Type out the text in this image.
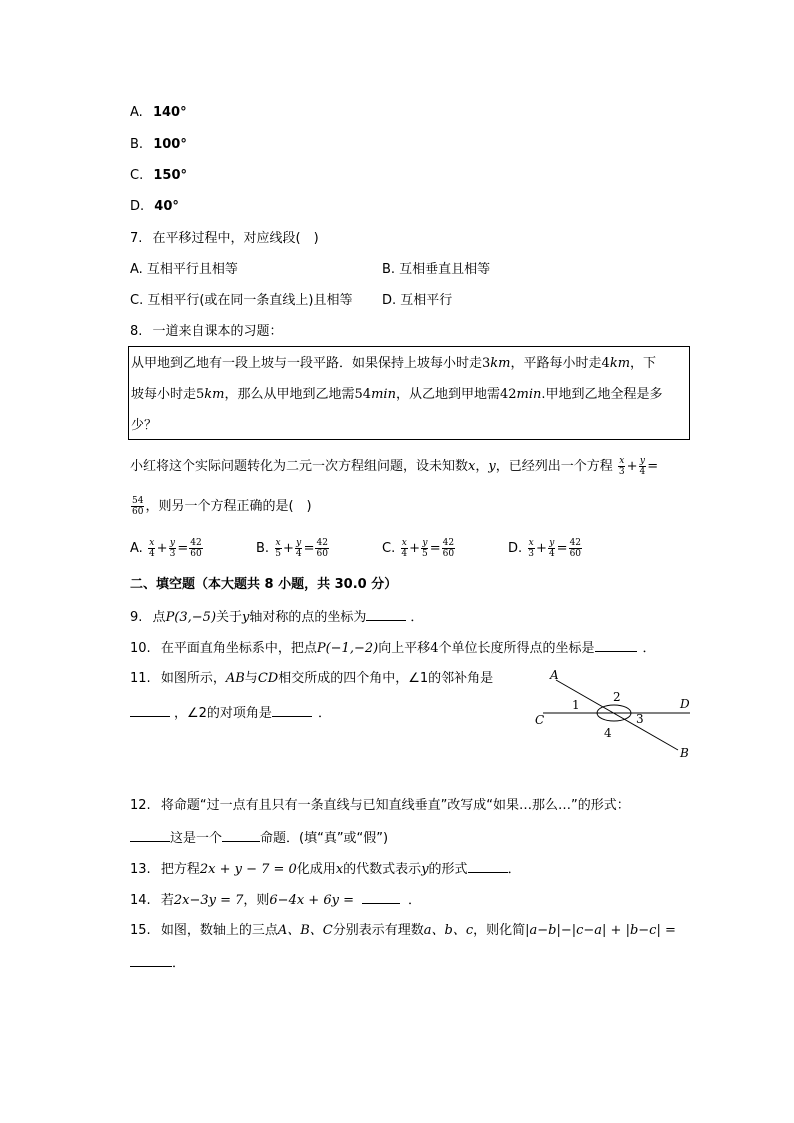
A. 140°
B. 100°
C. 150°
D. 40°
7. 在平移过程中，对应线段(　)
A. 互相平行且相等	B. 互相垂直且相等
C. 互相平行(或在同一条直线上)且相等 D. 互相平行
8. 一道来自课本的习题：
从甲地到乙地有一段上坡与一段平路．如果保持上坡每小时走3km，平路每小时走4km，下
坡每小时走5km，那么从甲地到乙地需54min，从乙地到甲地需42min.甲地到乙地全程是多
少？
小红将这个实际问题转化为二元一次方程组问题，设未知数x，y，已经列出一个方程 $\frac{x}{3} + \frac{y}{4}$ =
$\frac{54}{60}$ ，则另一个方程正确的是(　)
A. $\frac{x}{4} + \frac{y}{3} = \frac{42}{60}$	B. $\frac{x}{5} + \frac{y}{4} = \frac{42}{60}$	C. $\frac{x}{4} + \frac{y}{5} = \frac{42}{60}$	D. $\frac{x}{3} + \frac{y}{4} = \frac{42}{60}$
二、填空题（本大题共 8 小题，共 30.0 分）
9. 点P(3,−5)关于y轴对称的点的坐标为	．
10. 在平面直角坐标系中，把点P(−1,−2)向上平移4个单位长度所得点的坐标是	．
11. 如图所示，AB与CD相交所成的四个角中，∠1的邻补角是
，∠2的对项角是	．
A
B
C
D
1
2
3
4
12. 将命题“过一点有且只有一条直线与已知直线垂直”改写成“如果…那么…”的形式：
这是一个	命题．(填“真”或“假”)
13. 把方程2x + y − 7 = 0化成用x的代数式表示y的形式	．
14. 若2x−3y = 7，则6−4x + 6y =	．
15. 如图，数轴上的三点A、B、C分别表示有理数a、b、c，则化简|a−b|−|c−a| + |b−c| =
．
